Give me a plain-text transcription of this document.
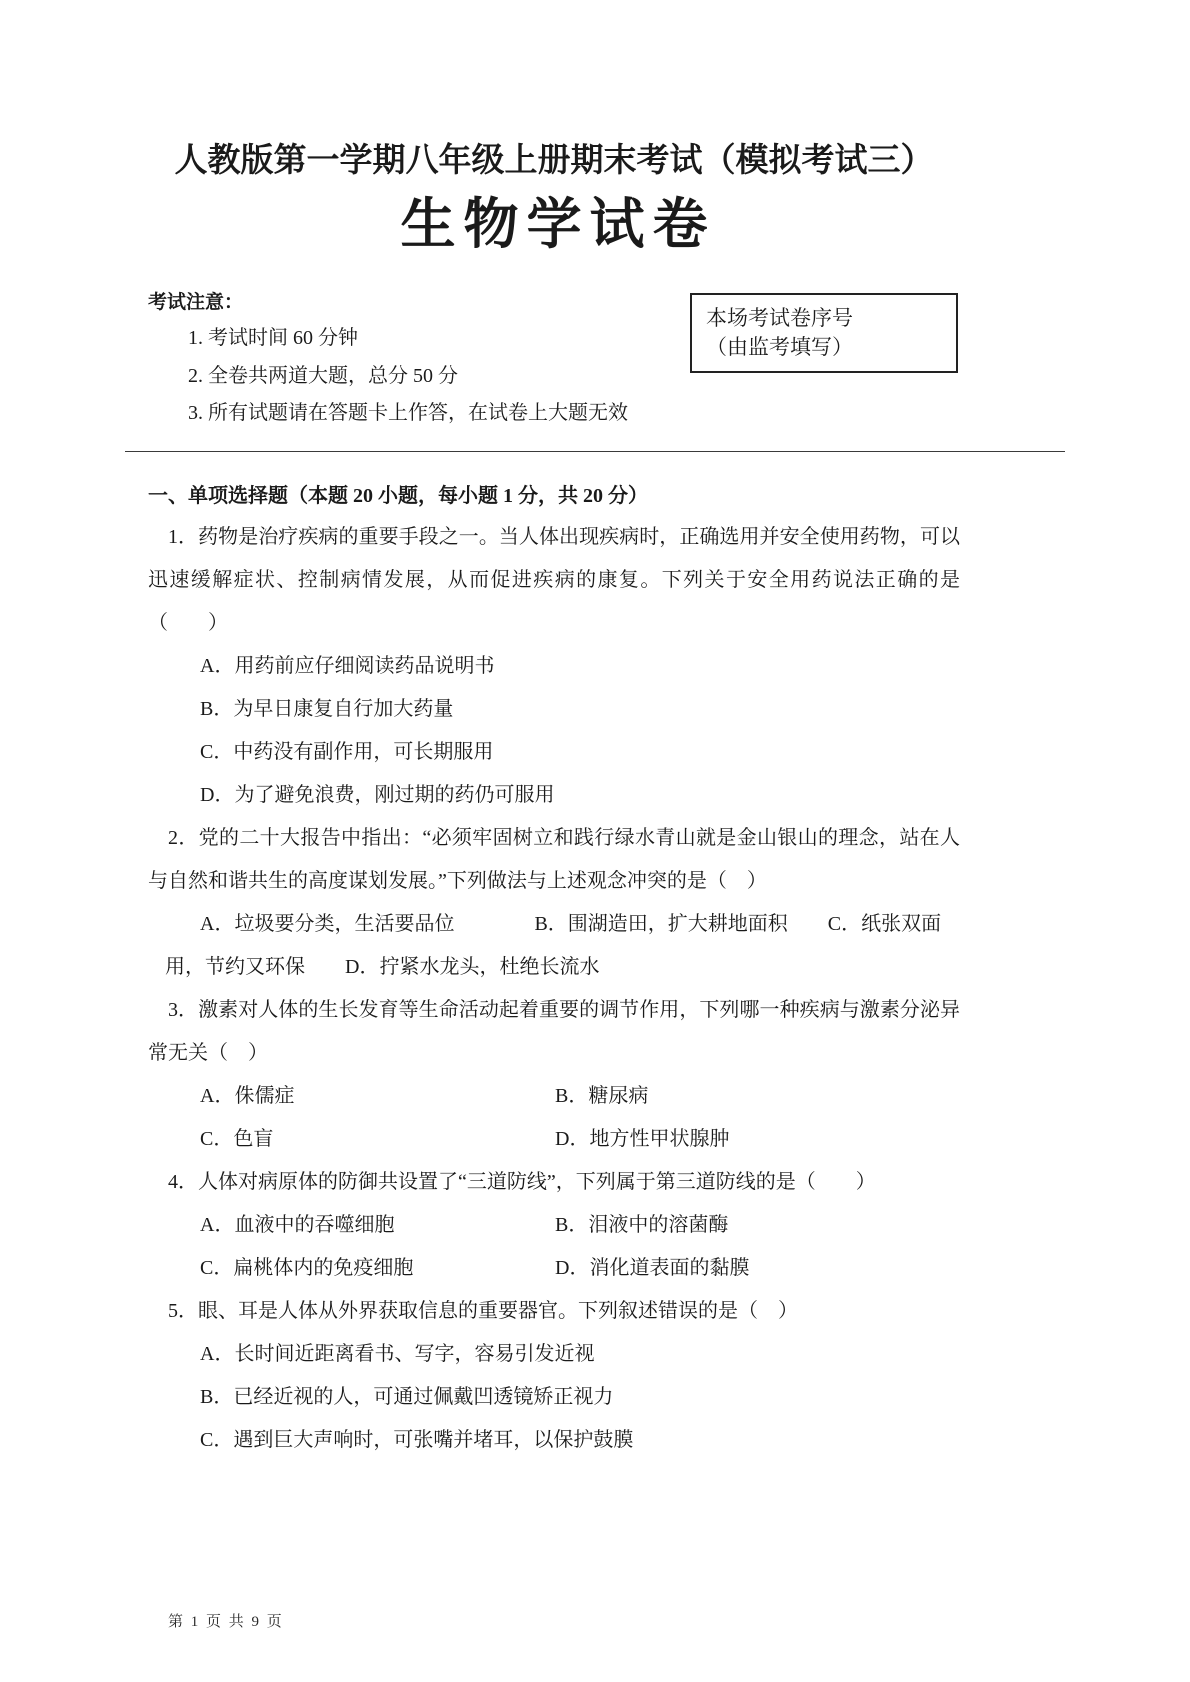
人教版第一学期八年级上册期末考试（模拟考试三）
生物学试卷
考试注意：

1. 考试时间 60 分钟

2. 全卷共两道大题，总分 50 分

3. 所有试题请在答题卡上作答，在试卷上大题无效

本场考试卷序号
（由监考填写）
一、单项选择题（本题 20 小题，每小题 1 分，共 20 分）

1．药物是治疗疾病的重要手段之一。当人体出现疾病时，正确选用并安全使用药物，可以迅速缓解症状、控制病情发展，从而促进疾病的康复。下列关于安全用药说法正确的是（　　）

A．用药前应仔细阅读药品说明书

B．为早日康复自行加大药量

C．中药没有副作用，可长期服用

D．为了避免浪费，刚过期的药仍可服用

2．党的二十大报告中指出：“必须牢固树立和践行绿水青山就是金山银山的理念，站在人与自然和谐共生的高度谋划发展。”下列做法与上述观念冲突的是（　）

A．垃圾要分类，生活要品位	B．围湖造田，扩大耕地面积 C．纸张双面用，节约又环保 D．拧紧水龙头，杜绝长流水

3．激素对人体的生长发育等生命活动起着重要的调节作用，下列哪一种疾病与激素分泌异常无关（　）

A．侏儒症	B．糖尿病

C．色盲	D．地方性甲状腺肿

4．人体对病原体的防御共设置了“三道防线”，下列属于第三道防线的是（　　）

A．血液中的吞噬细胞	B．泪液中的溶菌酶

C．扁桃体内的免疫细胞	D．消化道表面的黏膜

5．眼、耳是人体从外界获取信息的重要器官。下列叙述错误的是（　）

A．长时间近距离看书、写字，容易引发近视

B．已经近视的人，可通过佩戴凹透镜矫正视力

C．遇到巨大声响时，可张嘴并堵耳，以保护鼓膜

第 1 页 共 9 页
